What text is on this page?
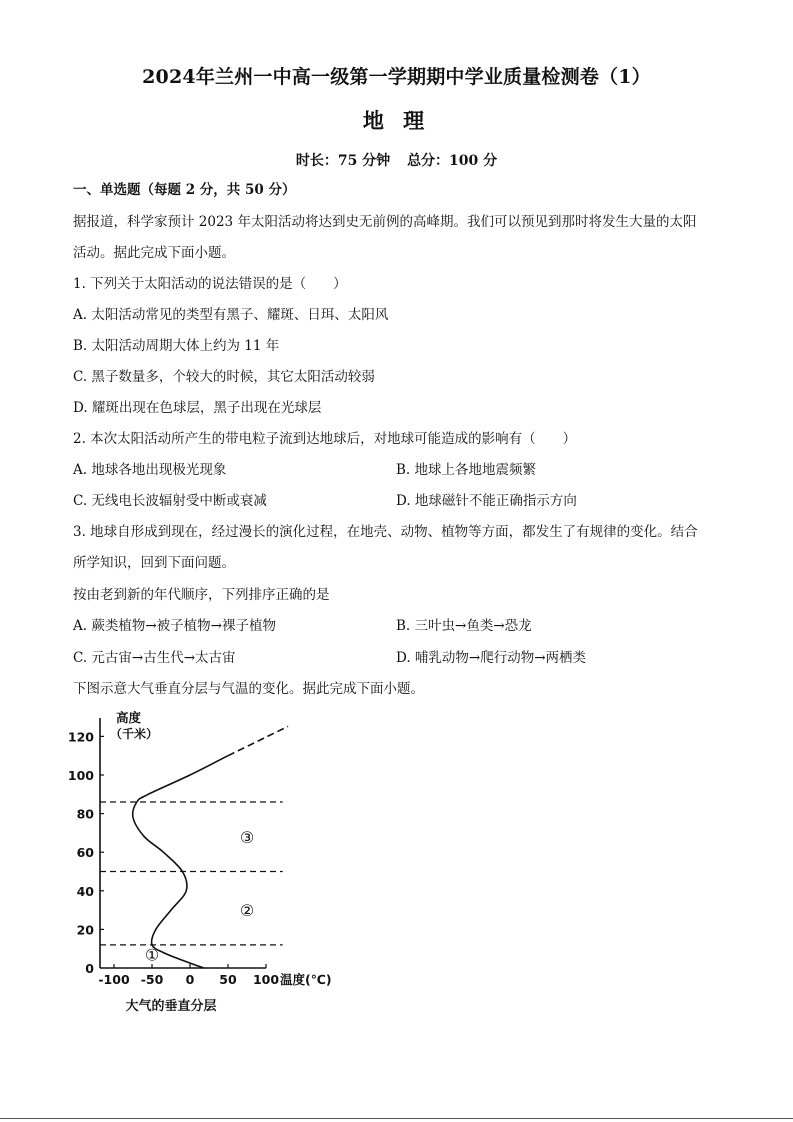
2024年兰州一中高一级第一学期期中学业质量检测卷（1）
地 理
时长：75 分钟 总分：100 分
一、单选题（每题 2 分，共 50 分）
据报道，科学家预计 2023 年太阳活动将达到史无前例的高峰期。我们可以预见到那时将发生大量的太阳
活动。据此完成下面小题。
1. 下列关于太阳活动的说法错误的是（　　）
A. 太阳活动常见的类型有黑子、耀斑、日珥、太阳风
B. 太阳活动周期大体上约为 11 年
C. 黑子数量多，个较大的时候，其它太阳活动较弱
D. 耀斑出现在色球层，黑子出现在光球层
2. 本次太阳活动所产生的带电粒子流到达地球后，对地球可能造成的影响有（　　）
A. 地球各地出现极光现象	B. 地球上各地地震频繁
C. 无线电长波辐射受中断或衰减	D. 地球磁针不能正确指示方向
3. 地球自形成到现在，经过漫长的演化过程，在地壳、动物、植物等方面，都发生了有规律的变化。结合
所学知识，回到下面问题。
按由老到新的年代顺序，下列排序正确的是
A. 蕨类植物→被子植物→裸子植物	B. 三叶虫→鱼类→恐龙
C. 元古宙→古生代→太古宙	D. 哺乳动物→爬行动物→两栖类
下图示意大气垂直分层与气温的变化。据此完成下面小题。
0
20
40
60
80
100
120
-100 -50 0 50 100 温度(℃)
高度
（千米）
①
②
③
大气的垂直分层
